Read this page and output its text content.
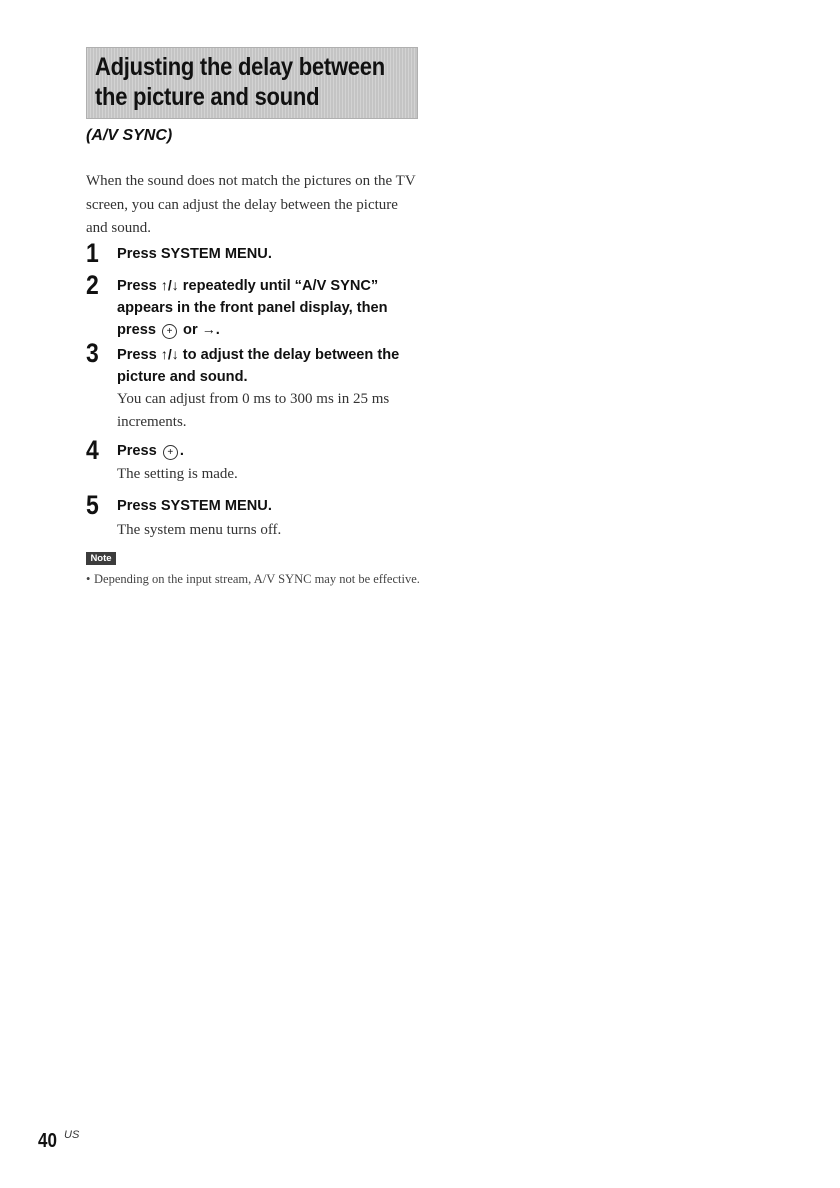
Adjusting the delay between
the picture and sound
(A/V SYNC)
When the sound does not match the pictures on the TV screen, you can adjust the delay between the picture and sound.
1 Press SYSTEM MENU.
2 Press ↑/↓ repeatedly until “A/V SYNC” appears in the front panel display, then press + or →.
3 Press ↑/↓ to adjust the delay between the picture and sound.
You can adjust from 0 ms to 300 ms in 25 ms increments.
4 Press + .
The setting is made.
5 Press SYSTEM MENU.
The system menu turns off.
Note
• Depending on the input stream, A/V SYNC may not be effective.
40 US
